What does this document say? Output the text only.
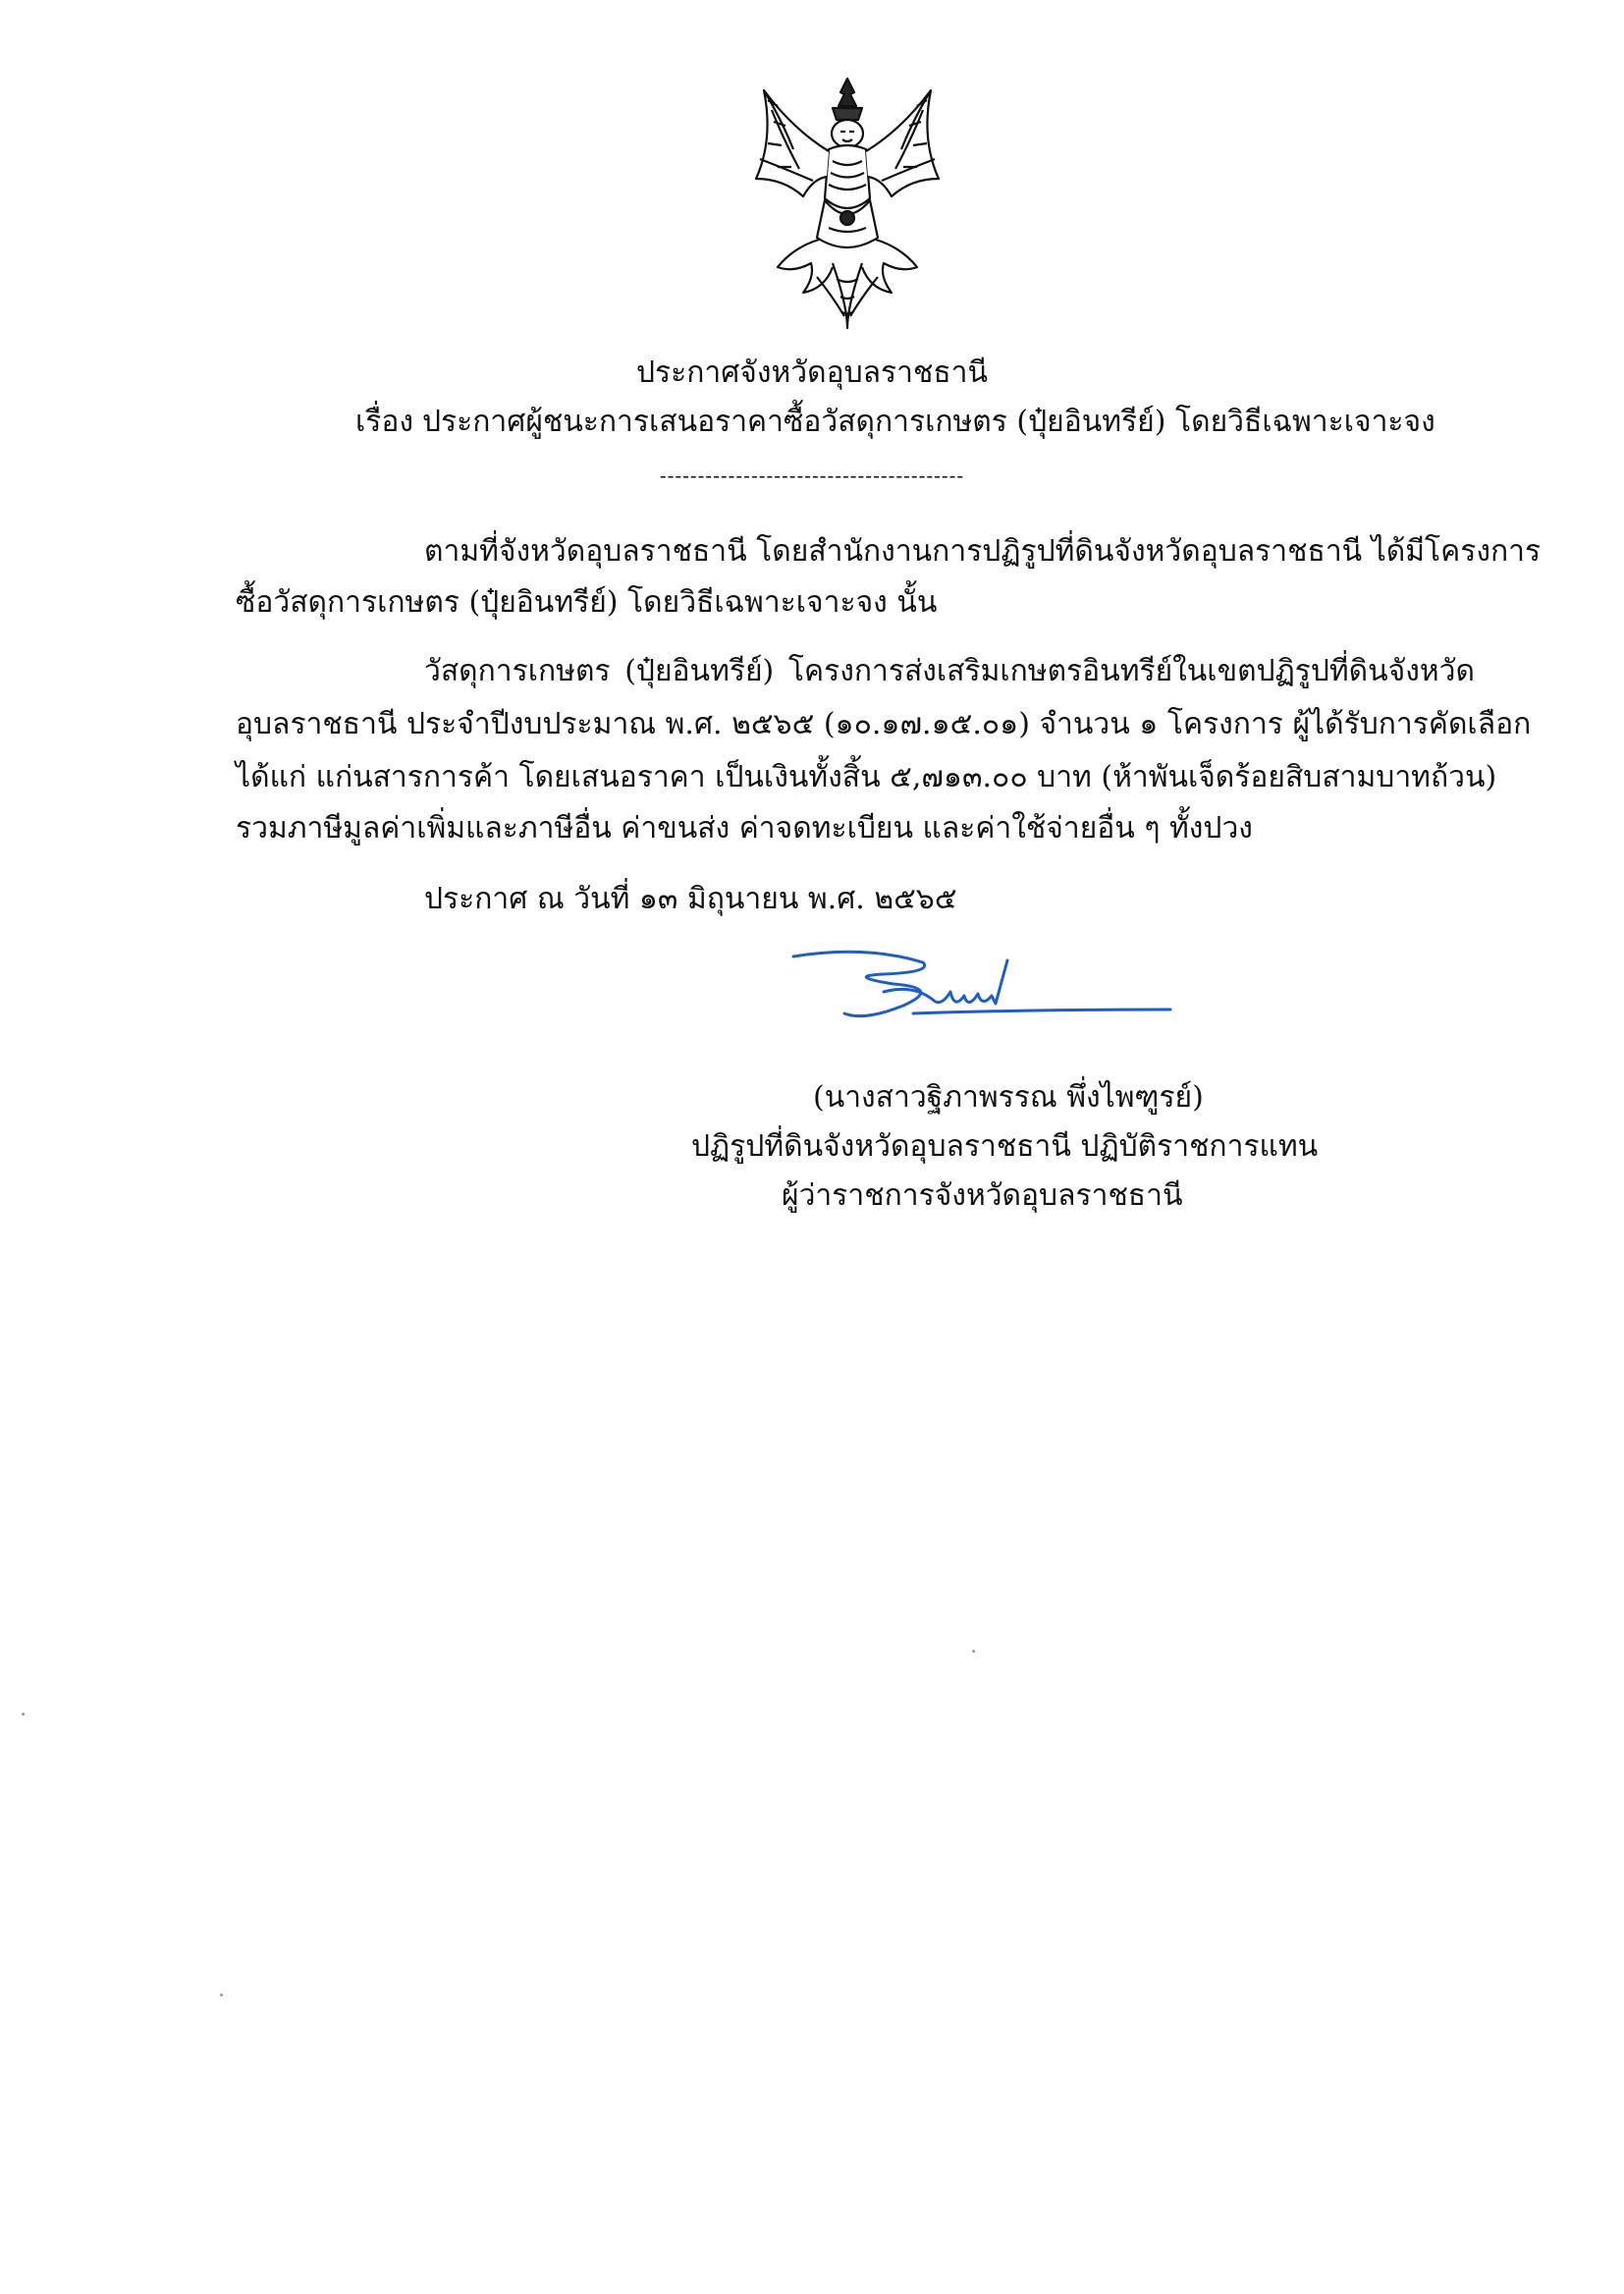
ประกาศจังหวัดอุบลราชธานี
เรื่อง ประกาศผู้ชนะการเสนอราคาซื้อวัสดุการเกษตร (ปุ๋ยอินทรีย์) โดยวิธีเฉพาะเจาะจง
----------------------------------------
ตามที่จังหวัดอุบลราชธานี โดยสำนักงานการปฏิรูปที่ดินจังหวัดอุบลราชธานี ได้มีโครงการ
ซื้อวัสดุการเกษตร (ปุ๋ยอินทรีย์) โดยวิธีเฉพาะเจาะจง นั้น
วัสดุการเกษตร (ปุ๋ยอินทรีย์) โครงการส่งเสริมเกษตรอินทรีย์ในเขตปฏิรูปที่ดินจังหวัด
อุบลราชธานี ประจำปีงบประมาณ พ.ศ. ๒๕๖๕ (๑๐.๑๗.๑๕.๐๑) จำนวน ๑ โครงการ ผู้ได้รับการคัดเลือก
ได้แก่ แก่นสารการค้า โดยเสนอราคา เป็นเงินทั้งสิ้น ๕,๗๑๓.๐๐ บาท (ห้าพันเจ็ดร้อยสิบสามบาทถ้วน)
รวมภาษีมูลค่าเพิ่มและภาษีอื่น ค่าขนส่ง ค่าจดทะเบียน และค่าใช้จ่ายอื่น ๆ ทั้งปวง
ประกาศ ณ วันที่ ๑๓ มิถุนายน พ.ศ. ๒๕๖๕
(นางสาวฐิภาพรรณ พึ่งไพฑูรย์)
ปฏิรูปที่ดินจังหวัดอุบลราชธานี ปฏิบัติราชการแทน
ผู้ว่าราชการจังหวัดอุบลราชธานี
